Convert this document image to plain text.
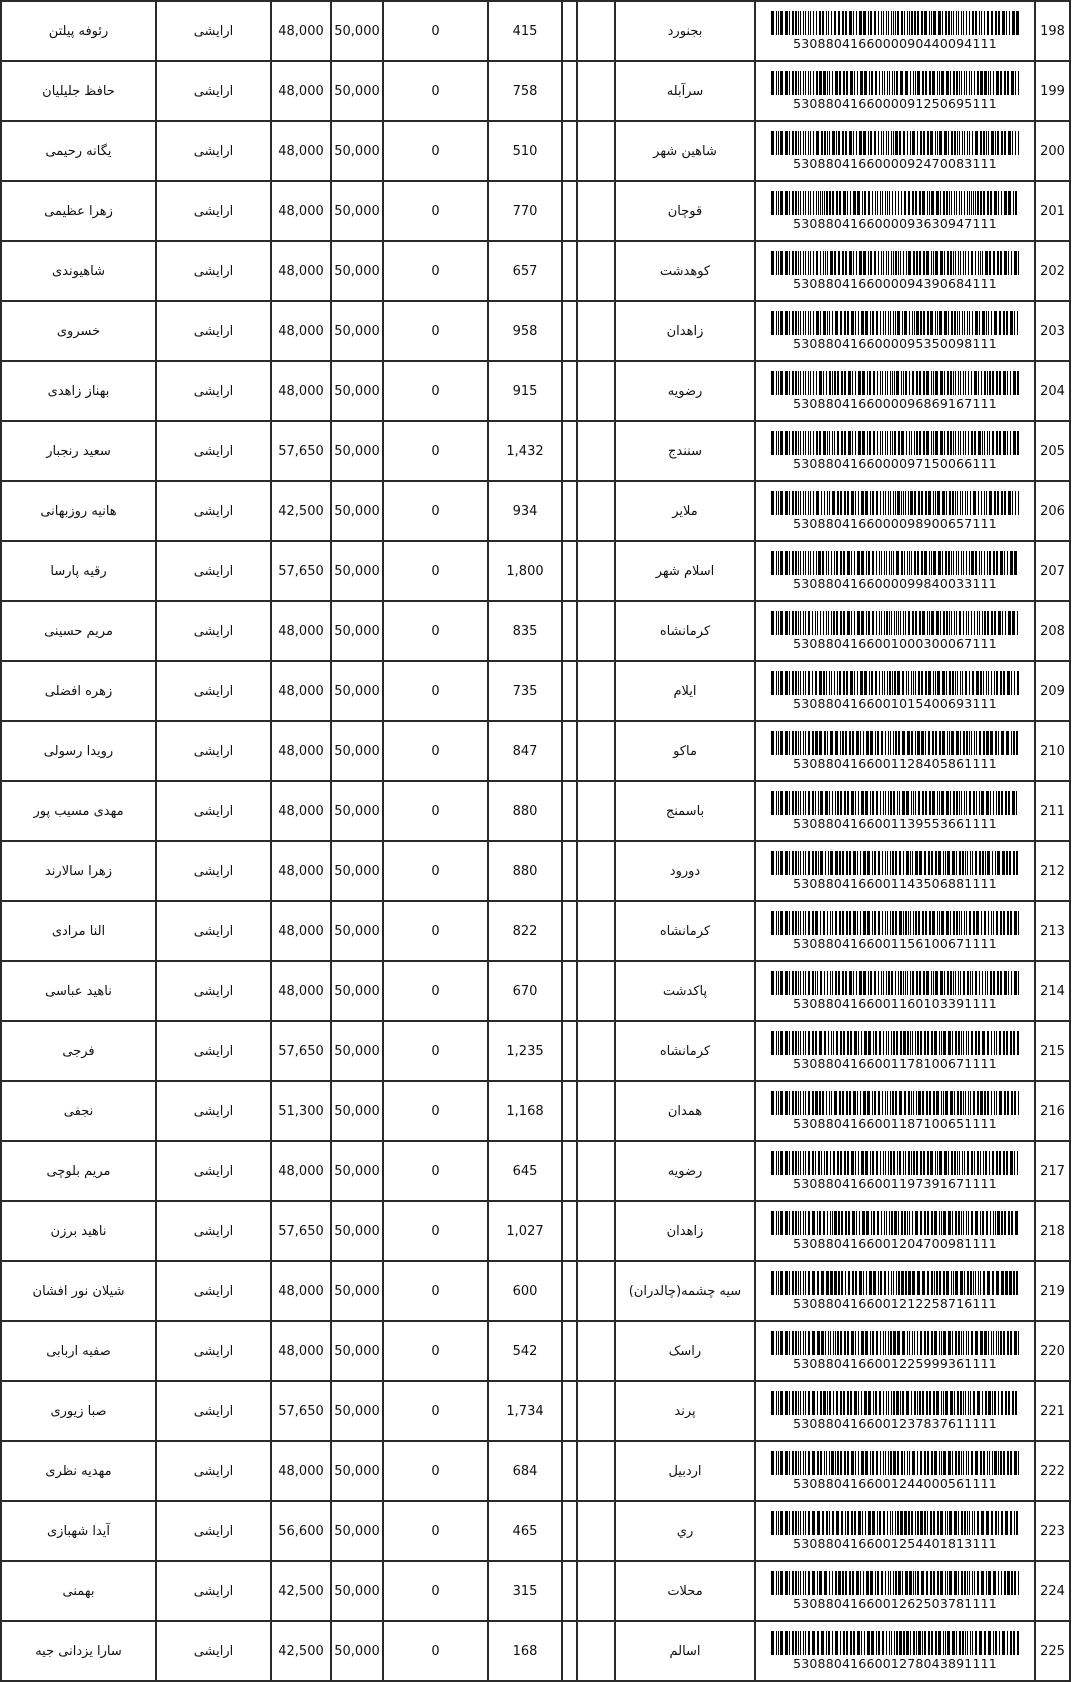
رئوفه پیلتن	ارایشی	48,000	50,000	0	415			بجنورد	5308804166000090440094111	198
حافظ جلیلیان	ارایشی	48,000	50,000	0	758			سرآبله	5308804166000091250695111	199
یگانه رحیمی	ارایشی	48,000	50,000	0	510			شاهین شهر	5308804166000092470083111	200
زهرا عظیمی	ارایشی	48,000	50,000	0	770			قوچان	5308804166000093630947111	201
شاهیوندی	ارایشی	48,000	50,000	0	657			کوهدشت	5308804166000094390684111	202
خسروی	ارایشی	48,000	50,000	0	958			زاهدان	5308804166000095350098111	203
بهناز زاهدی	ارایشی	48,000	50,000	0	915			رضویه	5308804166000096869167111	204
سعید رنجبار	ارایشی	57,650	50,000	0	1,432			سنندج	5308804166000097150066111	205
هانیه روزبهانی	ارایشی	42,500	50,000	0	934			ملایر	5308804166000098900657111	206
رقیه پارسا	ارایشی	57,650	50,000	0	1,800			اسلام شهر	5308804166000099840033111	207
مریم حسینی	ارایشی	48,000	50,000	0	835			کرمانشاه	5308804166001000300067111	208
زهره افضلی	ارایشی	48,000	50,000	0	735			ایلام	5308804166001015400693111	209
رویدا رسولی	ارایشی	48,000	50,000	0	847			ماکو	5308804166001128405861111	210
مهدی مسیب پور	ارایشی	48,000	50,000	0	880			باسمنج	5308804166001139553661111	211
زهرا سالارند	ارایشی	48,000	50,000	0	880			دورود	5308804166001143506881111	212
النا مرادی	ارایشی	48,000	50,000	0	822			کرمانشاه	5308804166001156100671111	213
ناهید عباسی	ارایشی	48,000	50,000	0	670			پاکدشت	5308804166001160103391111	214
فرجی	ارایشی	57,650	50,000	0	1,235			کرمانشاه	5308804166001178100671111	215
نجفی	ارایشی	51,300	50,000	0	1,168			همدان	5308804166001187100651111	216
مریم بلوچی	ارایشی	48,000	50,000	0	645			رضویه	5308804166001197391671111	217
ناهید برزن	ارایشی	57,650	50,000	0	1,027			زاهدان	5308804166001204700981111	218
شیلان نور افشان	ارایشی	48,000	50,000	0	600			سیه چشمه(چالدران)	5308804166001212258716111	219
صفیه اربابی	ارایشی	48,000	50,000	0	542			راسک	5308804166001225999361111	220
صبا زیوری	ارایشی	57,650	50,000	0	1,734			پرند	5308804166001237837611111	221
مهدیه نظری	ارایشی	48,000	50,000	0	684			اردبیل	5308804166001244000561111	222
آیدا شهبازی	ارایشی	56,600	50,000	0	465			ري	5308804166001254401813111	223
بهمنی	ارایشی	42,500	50,000	0	315			محلات	5308804166001262503781111	224
سارا یزدانی جیه	ارایشی	42,500	50,000	0	168			اسالم	5308804166001278043891111	225
